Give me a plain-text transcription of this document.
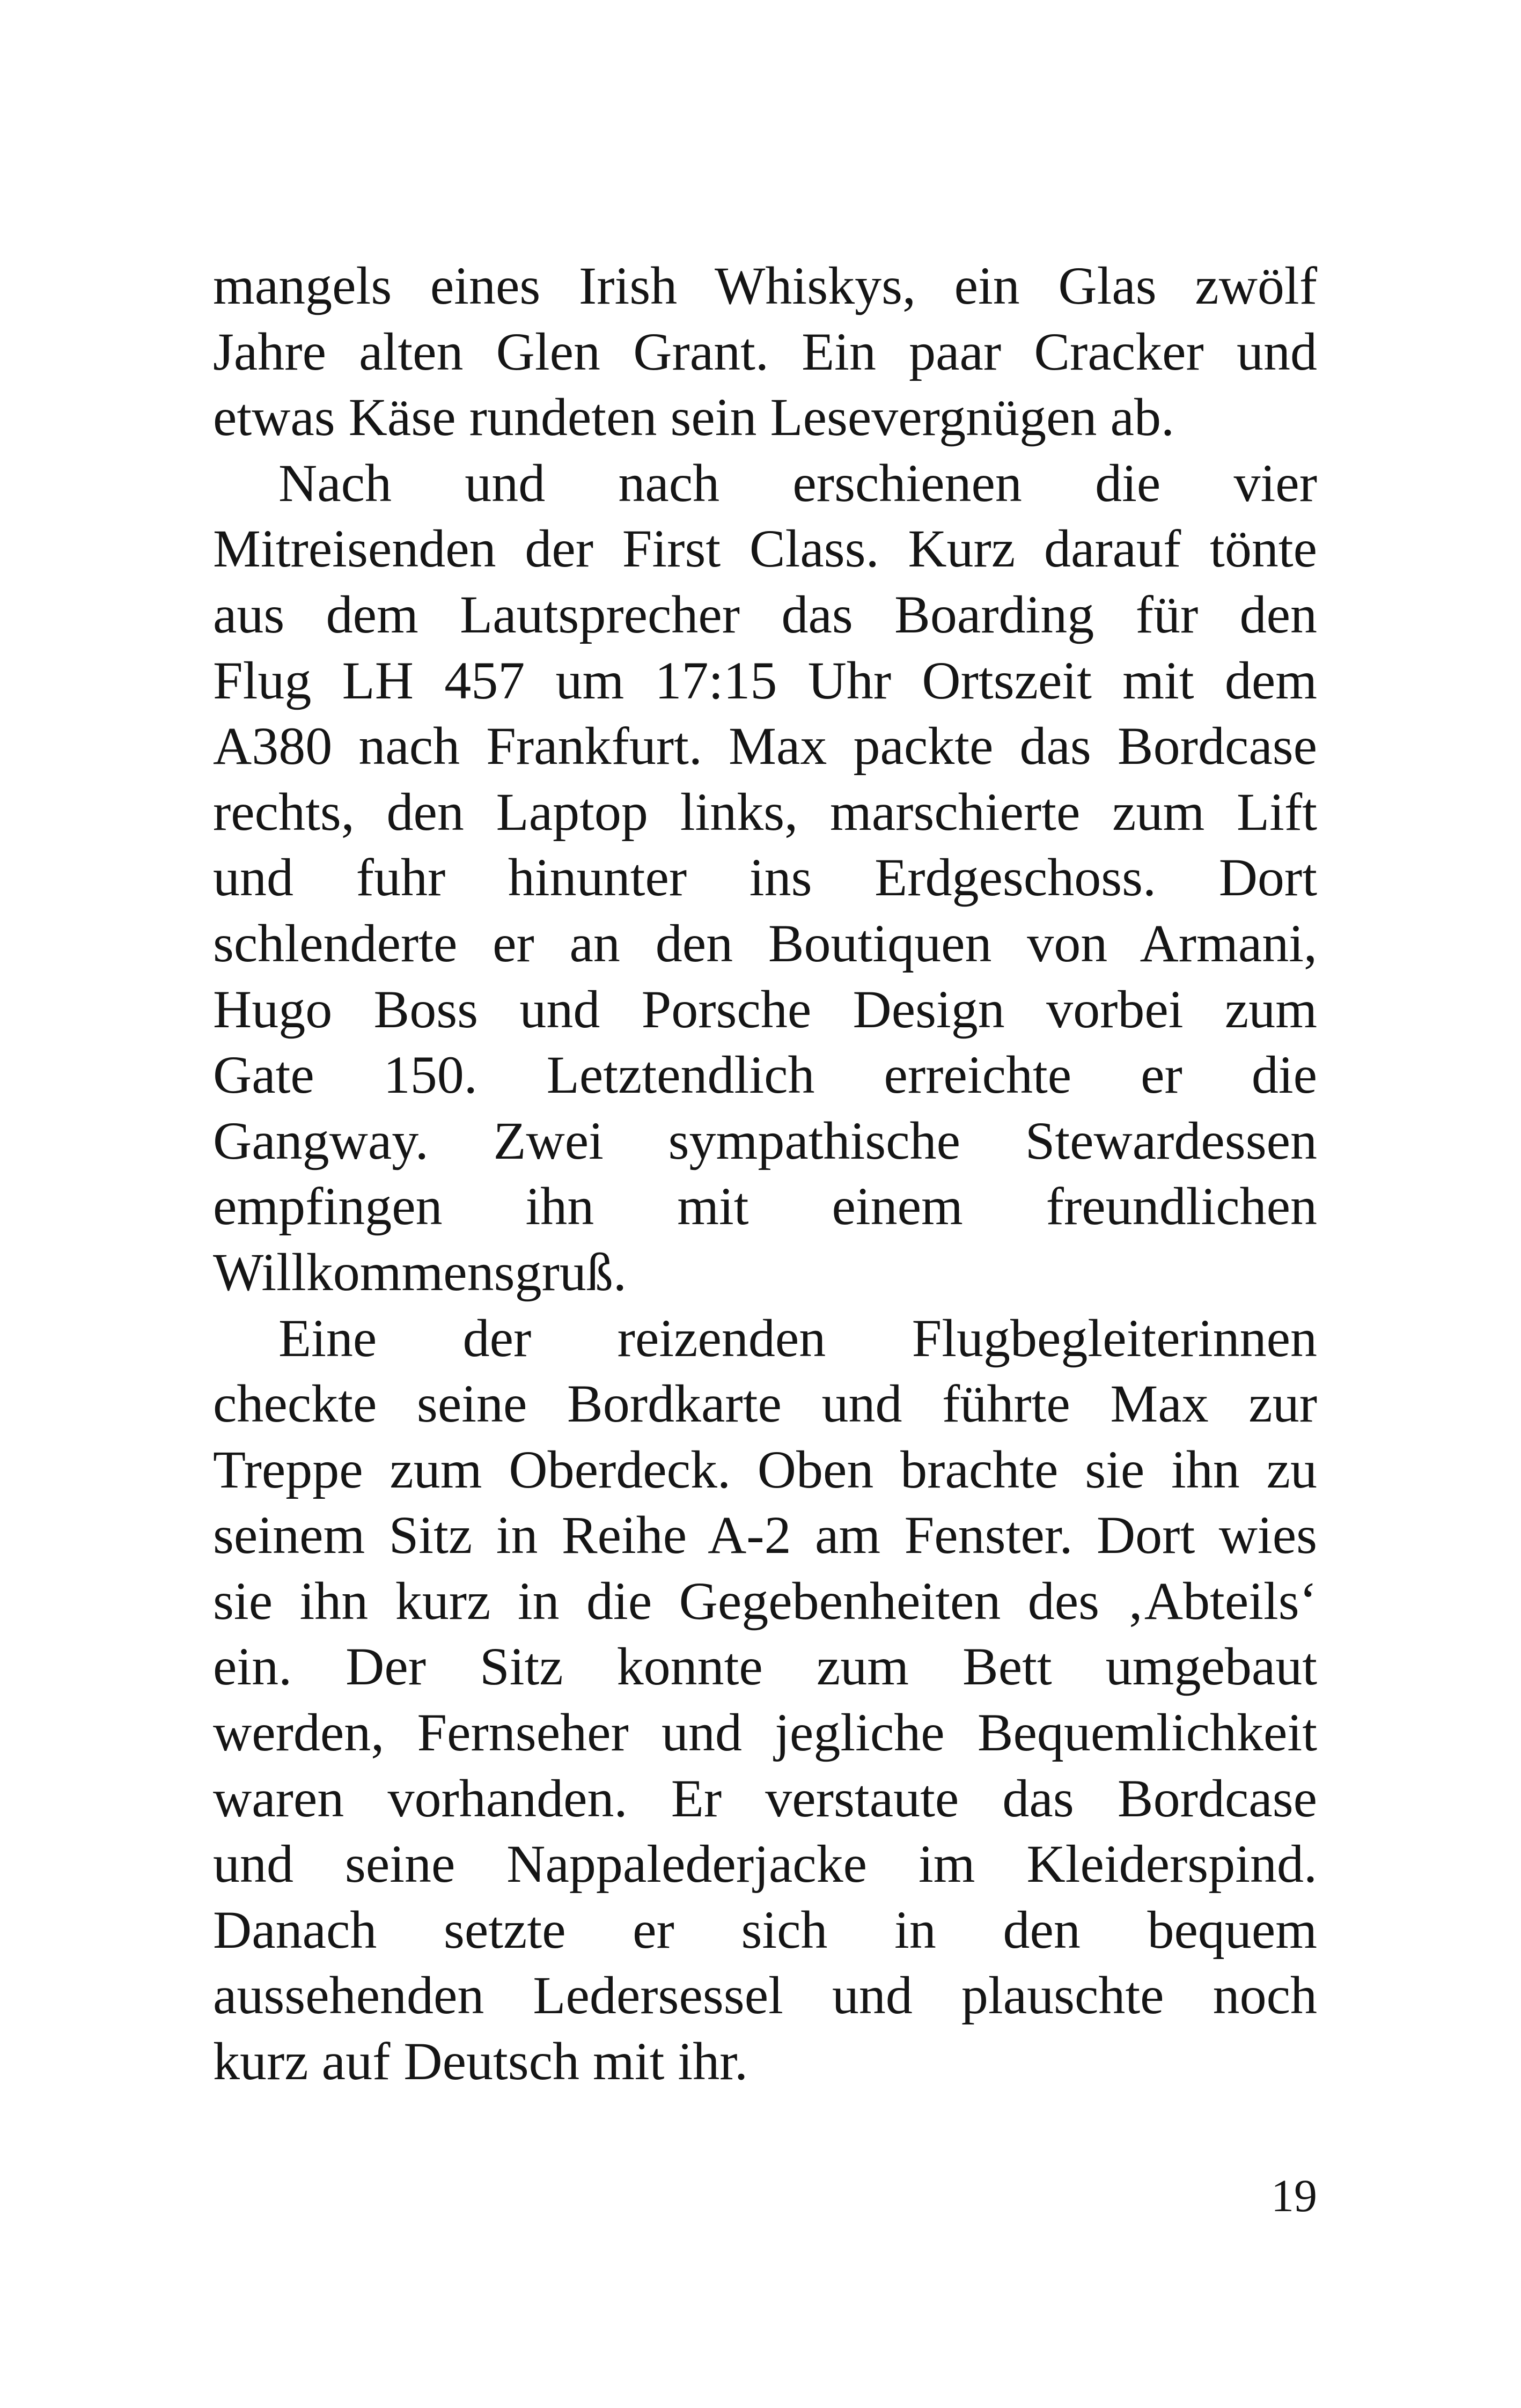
mangels eines Irish Whiskys, ein Glas zwölf
Jahre alten Glen Grant. Ein paar Cracker und
etwas Käse rundeten sein Lesevergnügen ab.
Nach und nach erschienen die vier
Mitreisenden der First Class. Kurz darauf tönte
aus dem Lautsprecher das Boarding für den
Flug LH 457 um 17:15 Uhr Ortszeit mit dem
A380 nach Frankfurt. Max packte das Bordcase
rechts, den Laptop links, marschierte zum Lift
und fuhr hinunter ins Erdgeschoss. Dort
schlenderte er an den Boutiquen von Armani,
Hugo Boss und Porsche Design vorbei zum
Gate 150. Letztendlich erreichte er die
Gangway. Zwei sympathische Stewardessen
empfingen ihn mit einem freundlichen
Willkommensgruß.
Eine der reizenden Flugbegleiterinnen
checkte seine Bordkarte und führte Max zur
Treppe zum Oberdeck. Oben brachte sie ihn zu
seinem Sitz in Reihe A-2 am Fenster. Dort wies
sie ihn kurz in die Gegebenheiten des ‚Abteils‘
ein. Der Sitz konnte zum Bett umgebaut
werden, Fernseher und jegliche Bequemlichkeit
waren vorhanden. Er verstaute das Bordcase
und seine Nappalederjacke im Kleiderspind.
Danach setzte er sich in den bequem
aussehenden Ledersessel und plauschte noch
kurz auf Deutsch mit ihr.
19
